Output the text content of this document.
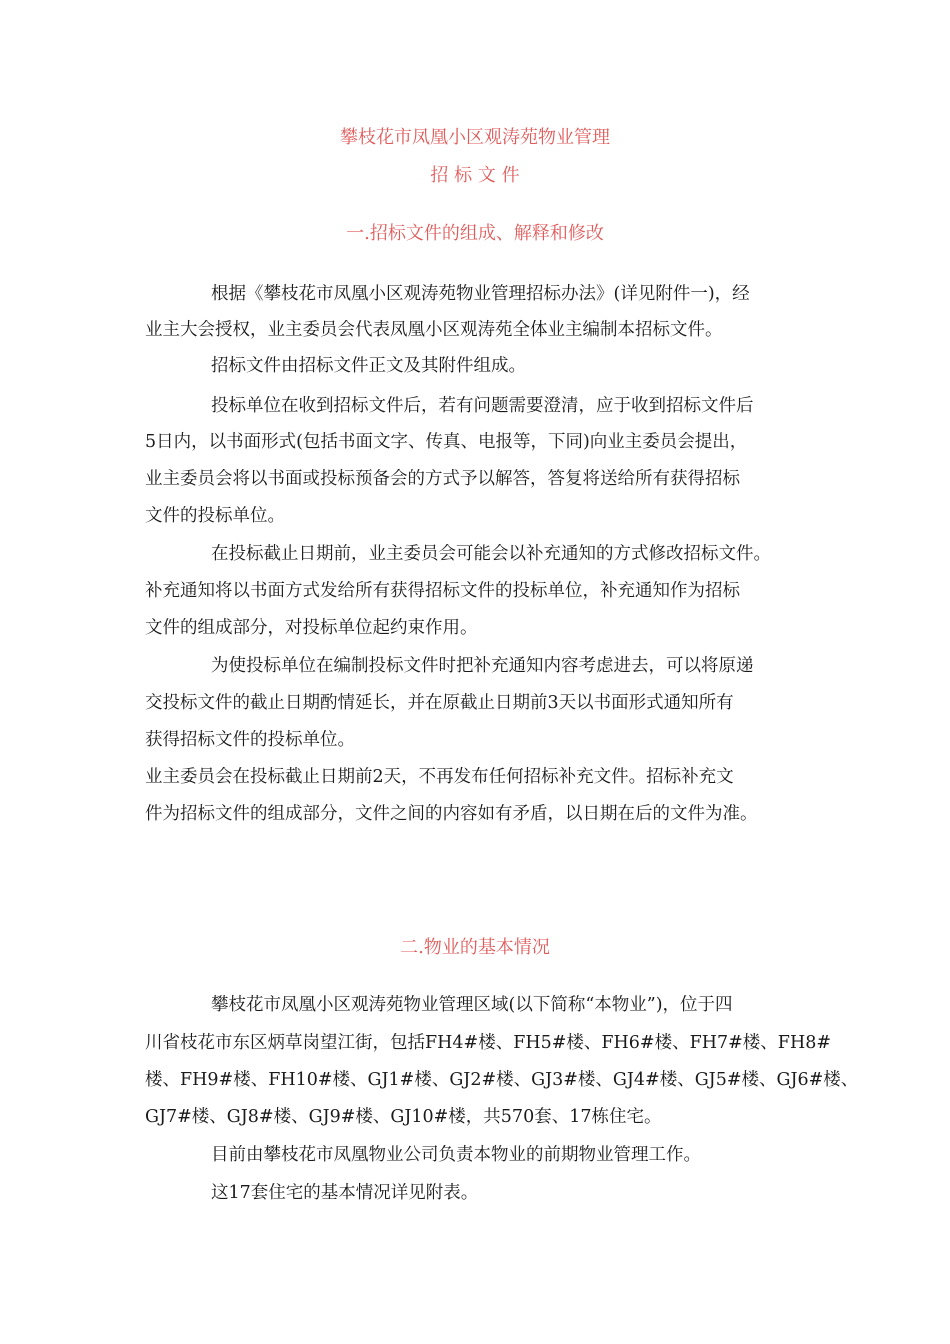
攀枝花市凤凰小区观涛苑物业管理
招 标 文 件
一.招标文件的组成、解释和修改
根据《攀枝花市凤凰小区观涛苑物业管理招标办法》(详见附件一)，经
业主大会授权，业主委员会代表凤凰小区观涛苑全体业主编制本招标文件。
招标文件由招标文件正文及其附件组成。
投标单位在收到招标文件后，若有问题需要澄清，应于收到招标文件后
5日内，以书面形式(包括书面文字、传真、电报等，下同)向业主委员会提出，
业主委员会将以书面或投标预备会的方式予以解答，答复将送给所有获得招标
文件的投标单位。
在投标截止日期前，业主委员会可能会以补充通知的方式修改招标文件。
补充通知将以书面方式发给所有获得招标文件的投标单位，补充通知作为招标
文件的组成部分，对投标单位起约束作用。
为使投标单位在编制投标文件时把补充通知内容考虑进去，可以将原递
交投标文件的截止日期酌情延长，并在原截止日期前3天以书面形式通知所有
获得招标文件的投标单位。
业主委员会在投标截止日期前2天，不再发布任何招标补充文件。招标补充文
件为招标文件的组成部分，文件之间的内容如有矛盾，以日期在后的文件为准。
二.物业的基本情况
攀枝花市凤凰小区观涛苑物业管理区域(以下简称“本物业”)，位于四
川省枝花市东区炳草岗望江街，包括FH4#楼、FH5#楼、FH6#楼、FH7#楼、FH8#
楼、FH9#楼、FH10#楼、GJ1#楼、GJ2#楼、GJ3#楼、GJ4#楼、GJ5#楼、GJ6#楼、
GJ7#楼、GJ8#楼、GJ9#楼、GJ10#楼，共570套、17栋住宅。
目前由攀枝花市凤凰物业公司负责本物业的前期物业管理工作。
这17套住宅的基本情况详见附表。
